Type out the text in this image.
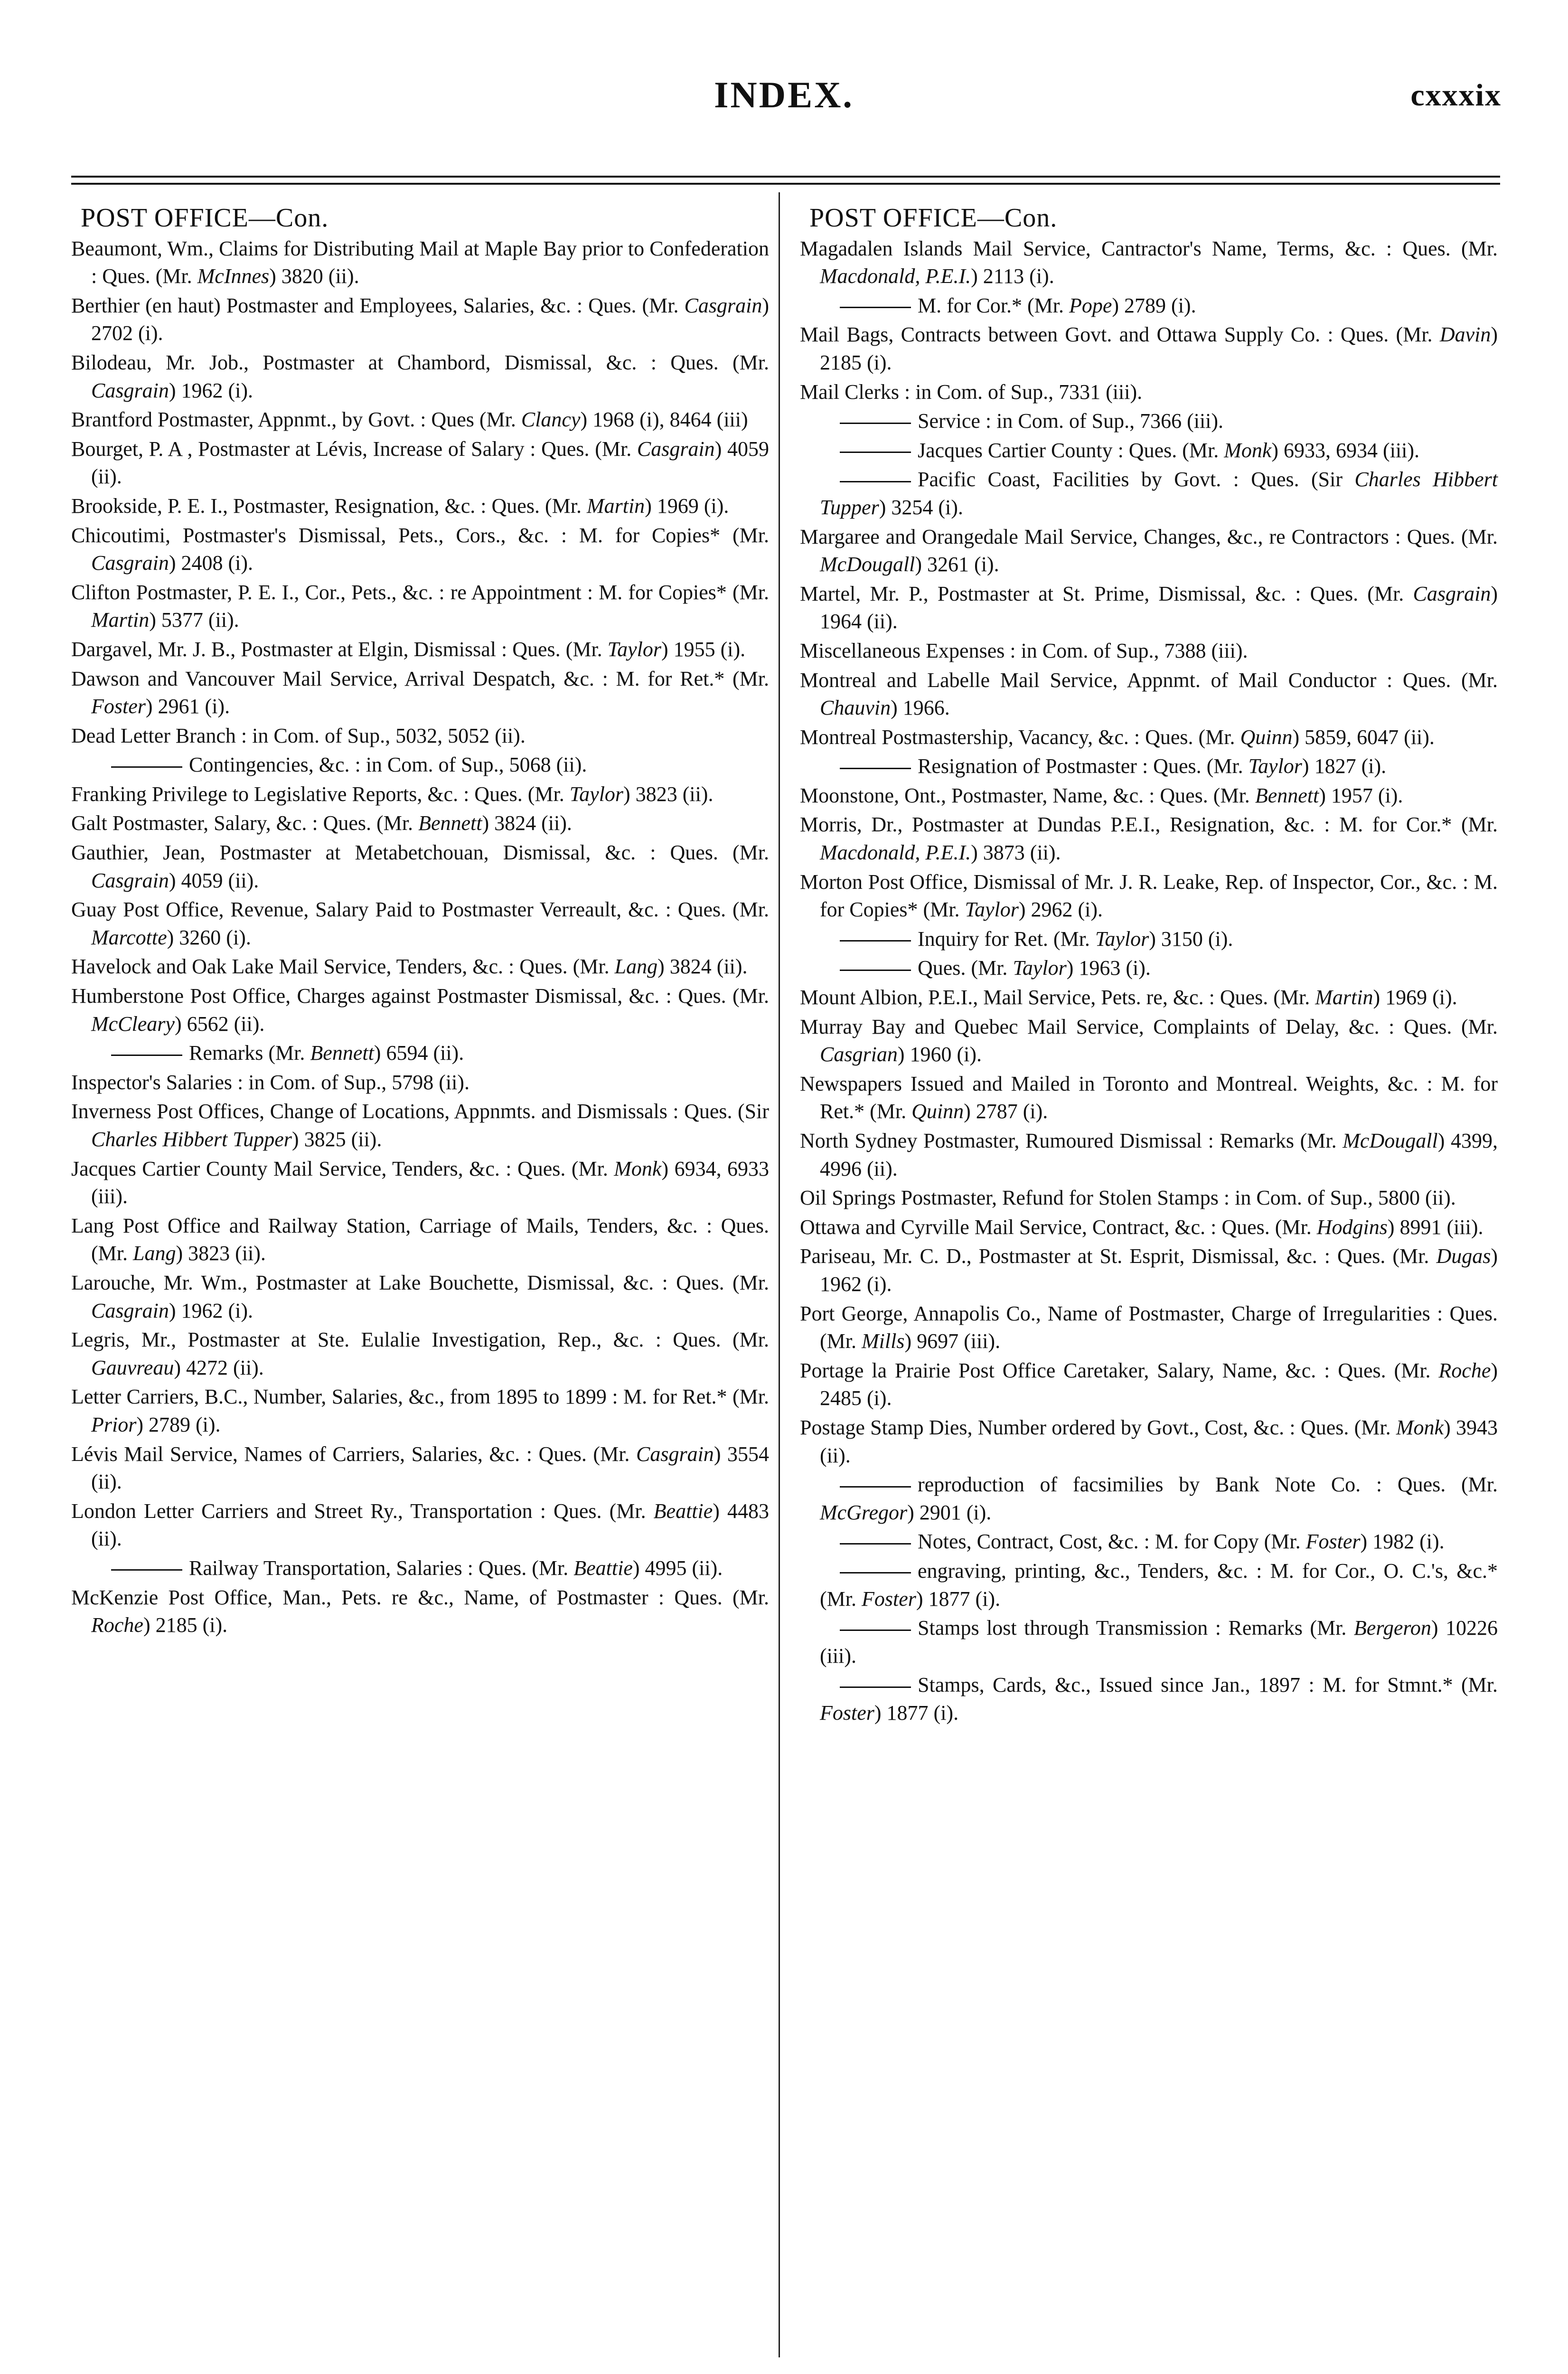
INDEX.	cxxxix
POST OFFICE—Con.
Beaumont, Wm., Claims for Distributing Mail at Maple Bay prior to Confederation : Ques. (Mr. McInnes) 3820 (ii).
Berthier (en haut) Postmaster and Employees, Salaries, &c. : Ques. (Mr. Casgrain) 2702 (i).
Bilodeau, Mr. Job., Postmaster at Chambord, Dismissal, &c. : Ques. (Mr. Casgrain) 1962 (i).
Brantford Postmaster, Appnmt., by Govt. : Ques (Mr. Clancy) 1968 (i), 8464 (iii)
Bourget, P. A , Postmaster at Lévis, Increase of Salary : Ques. (Mr. Casgrain) 4059 (ii).
Brookside, P. E. I., Postmaster, Resignation, &c. : Ques. (Mr. Martin) 1969 (i).
Chicoutimi, Postmaster's Dismissal, Pets., Cors., &c. : M. for Copies* (Mr. Casgrain) 2408 (i).
Clifton Postmaster, P. E. I., Cor., Pets., &c. : re Appointment : M. for Copies* (Mr. Martin) 5377 (ii).
Dargavel, Mr. J. B., Postmaster at Elgin, Dismissal : Ques. (Mr. Taylor) 1955 (i).
Dawson and Vancouver Mail Service, Arrival Despatch, &c. : M. for Ret.* (Mr. Foster) 2961 (i).
Dead Letter Branch : in Com. of Sup., 5032, 5052 (ii).
Contingencies, &c. : in Com. of Sup., 5068 (ii).
Franking Privilege to Legislative Reports, &c. : Ques. (Mr. Taylor) 3823 (ii).
Galt Postmaster, Salary, &c. : Ques. (Mr. Bennett) 3824 (ii).
Gauthier, Jean, Postmaster at Metabetchouan, Dismissal, &c. : Ques. (Mr. Casgrain) 4059 (ii).
Guay Post Office, Revenue, Salary Paid to Postmaster Verreault, &c. : Ques. (Mr. Marcotte) 3260 (i).
Havelock and Oak Lake Mail Service, Tenders, &c. : Ques. (Mr. Lang) 3824 (ii).
Humberstone Post Office, Charges against Postmaster Dismissal, &c. : Ques. (Mr. McCleary) 6562 (ii).
Remarks (Mr. Bennett) 6594 (ii).
Inspector's Salaries : in Com. of Sup., 5798 (ii).
Inverness Post Offices, Change of Locations, Appnmts. and Dismissals : Ques. (Sir Charles Hibbert Tupper) 3825 (ii).
Jacques Cartier County Mail Service, Tenders, &c. : Ques. (Mr. Monk) 6934, 6933 (iii).
Lang Post Office and Railway Station, Carriage of Mails, Tenders, &c. : Ques. (Mr. Lang) 3823 (ii).
Larouche, Mr. Wm., Postmaster at Lake Bouchette, Dismissal, &c. : Ques. (Mr. Casgrain) 1962 (i).
Legris, Mr., Postmaster at Ste. Eulalie Investigation, Rep., &c. : Ques. (Mr. Gauvreau) 4272 (ii).
Letter Carriers, B.C., Number, Salaries, &c., from 1895 to 1899 : M. for Ret.* (Mr. Prior) 2789 (i).
Lévis Mail Service, Names of Carriers, Salaries, &c. : Ques. (Mr. Casgrain) 3554 (ii).
London Letter Carriers and Street Ry., Transportation : Ques. (Mr. Beattie) 4483 (ii).
Railway Transportation, Salaries : Ques. (Mr. Beattie) 4995 (ii).
McKenzie Post Office, Man., Pets. re &c., Name, of Postmaster : Ques. (Mr. Roche) 2185 (i).
POST OFFICE—Con.
Magadalen Islands Mail Service, Cantractor's Name, Terms, &c. : Ques. (Mr. Macdonald, P.E.I.) 2113 (i).
M. for Cor.* (Mr. Pope) 2789 (i).
Mail Bags, Contracts between Govt. and Ottawa Supply Co. : Ques. (Mr. Davin) 2185 (i).
Mail Clerks : in Com. of Sup., 7331 (iii).
Service : in Com. of Sup., 7366 (iii).
Jacques Cartier County : Ques. (Mr. Monk) 6933, 6934 (iii).
Pacific Coast, Facilities by Govt. : Ques. (Sir Charles Hibbert Tupper) 3254 (i).
Margaree and Orangedale Mail Service, Changes, &c., re Contractors : Ques. (Mr. McDougall) 3261 (i).
Martel, Mr. P., Postmaster at St. Prime, Dismissal, &c. : Ques. (Mr. Casgrain) 1964 (ii).
Miscellaneous Expenses : in Com. of Sup., 7388 (iii).
Montreal and Labelle Mail Service, Appnmt. of Mail Conductor : Ques. (Mr. Chauvin) 1966.
Montreal Postmastership, Vacancy, &c. : Ques. (Mr. Quinn) 5859, 6047 (ii).
Resignation of Postmaster : Ques. (Mr. Taylor) 1827 (i).
Moonstone, Ont., Postmaster, Name, &c. : Ques. (Mr. Bennett) 1957 (i).
Morris, Dr., Postmaster at Dundas P.E.I., Resignation, &c. : M. for Cor.* (Mr. Macdonald, P.E.I.) 3873 (ii).
Morton Post Office, Dismissal of Mr. J. R. Leake, Rep. of Inspector, Cor., &c. : M. for Copies* (Mr. Taylor) 2962 (i).
Inquiry for Ret. (Mr. Taylor) 3150 (i).
Ques. (Mr. Taylor) 1963 (i).
Mount Albion, P.E.I., Mail Service, Pets. re, &c. : Ques. (Mr. Martin) 1969 (i).
Murray Bay and Quebec Mail Service, Complaints of Delay, &c. : Ques. (Mr. Casgrian) 1960 (i).
Newspapers Issued and Mailed in Toronto and Montreal. Weights, &c. : M. for Ret.* (Mr. Quinn) 2787 (i).
North Sydney Postmaster, Rumoured Dismissal : Remarks (Mr. McDougall) 4399, 4996 (ii).
Oil Springs Postmaster, Refund for Stolen Stamps : in Com. of Sup., 5800 (ii).
Ottawa and Cyrville Mail Service, Contract, &c. : Ques. (Mr. Hodgins) 8991 (iii).
Pariseau, Mr. C. D., Postmaster at St. Esprit, Dismissal, &c. : Ques. (Mr. Dugas) 1962 (i).
Port George, Annapolis Co., Name of Postmaster, Charge of Irregularities : Ques. (Mr. Mills) 9697 (iii).
Portage la Prairie Post Office Caretaker, Salary, Name, &c. : Ques. (Mr. Roche) 2485 (i).
Postage Stamp Dies, Number ordered by Govt., Cost, &c. : Ques. (Mr. Monk) 3943 (ii).
reproduction of facsimilies by Bank Note Co. : Ques. (Mr. McGregor) 2901 (i).
Notes, Contract, Cost, &c. : M. for Copy (Mr. Foster) 1982 (i).
engraving, printing, &c., Tenders, &c. : M. for Cor., O. C.'s, &c.* (Mr. Foster) 1877 (i).
Stamps lost through Transmission : Remarks (Mr. Bergeron) 10226 (iii).
Stamps, Cards, &c., Issued since Jan., 1897 : M. for Stmnt.* (Mr. Foster) 1877 (i).
